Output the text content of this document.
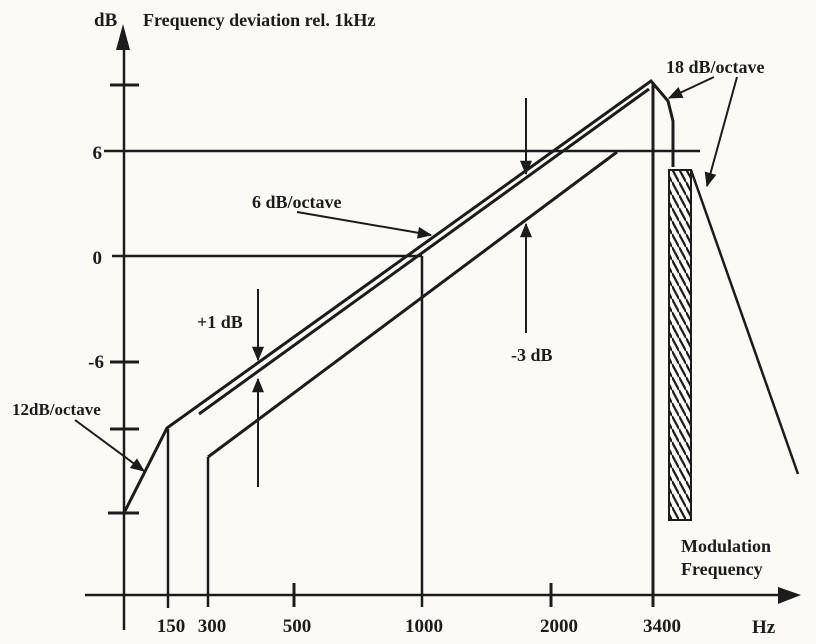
dB Frequency deviation rel. 1kHz
6
0
-6
12dB/octave
+1 dB
6 dB/octave
-3 dB
18 dB/octave
Modulation
Frequency
150 300	500	1000	2000	3400	Hz
